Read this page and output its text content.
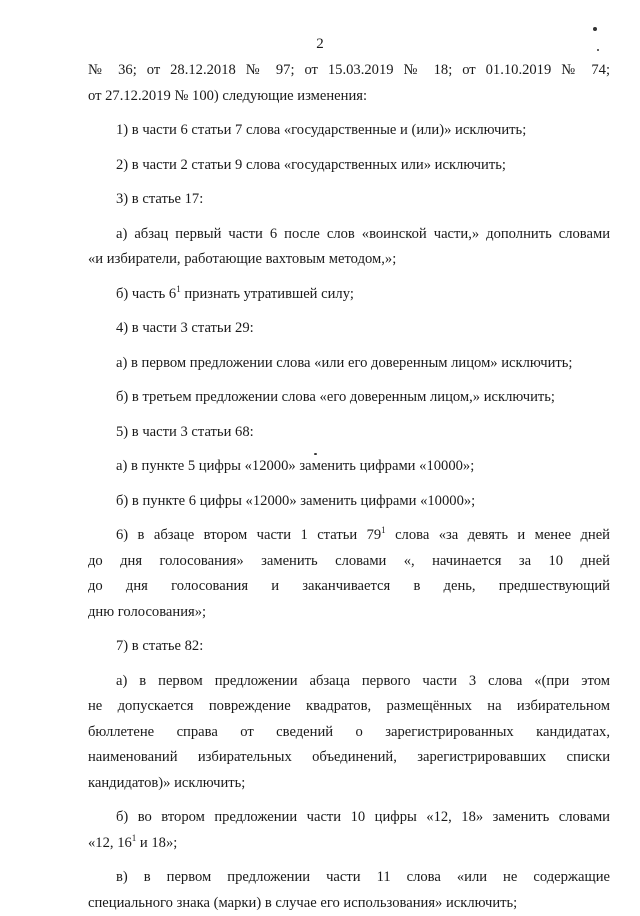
2

№ 36; от 28.12.2018 № 97; от 15.03.2019 № 18; от 01.10.2019 № 74;

от 27.12.2019 № 100) следующие изменения:

1) в части 6 статьи 7 слова «государственные и (или)» исключить;

2) в части 2 статьи 9 слова «государственных или» исключить;

3) в статье 17:

а) абзац первый части 6 после слов «воинской части,» дополнить словами

«и избиратели, работающие вахтовым методом,»;

б) часть $6^1$ признать утратившей силу;

4) в части 3 статьи 29:

а) в первом предложении слова «или его доверенным лицом» исключить;

б) в третьем предложении слова «его доверенным лицом,» исключить;

5) в части 3 статьи 68:

а) в пункте 5 цифры «12000» заменить цифрами «10000»;

б) в пункте 6 цифры «12000» заменить цифрами «10000»;

6) в абзаце втором части 1 статьи $79^1$ слова «за девять и менее дней

до дня голосования» заменить словами «, начинается за 10 дней

до дня голосования и заканчивается в день, предшествующий

дню голосования»;

7) в статье 82:

а) в первом предложении абзаца первого части 3 слова «(при этом

не допускается повреждение квадратов, размещённых на избирательном

бюллетене справа от сведений о зарегистрированных кандидатах,

наименований избирательных объединений, зарегистрировавших списки

кандидатов)» исключить;

б) во втором предложении части 10 цифры «12, 18» заменить словами

«12, $16^1$ и 18»;

в) в первом предложении части 11 слова «или не содержащие

специального знака (марки) в случае его использования» исключить;
